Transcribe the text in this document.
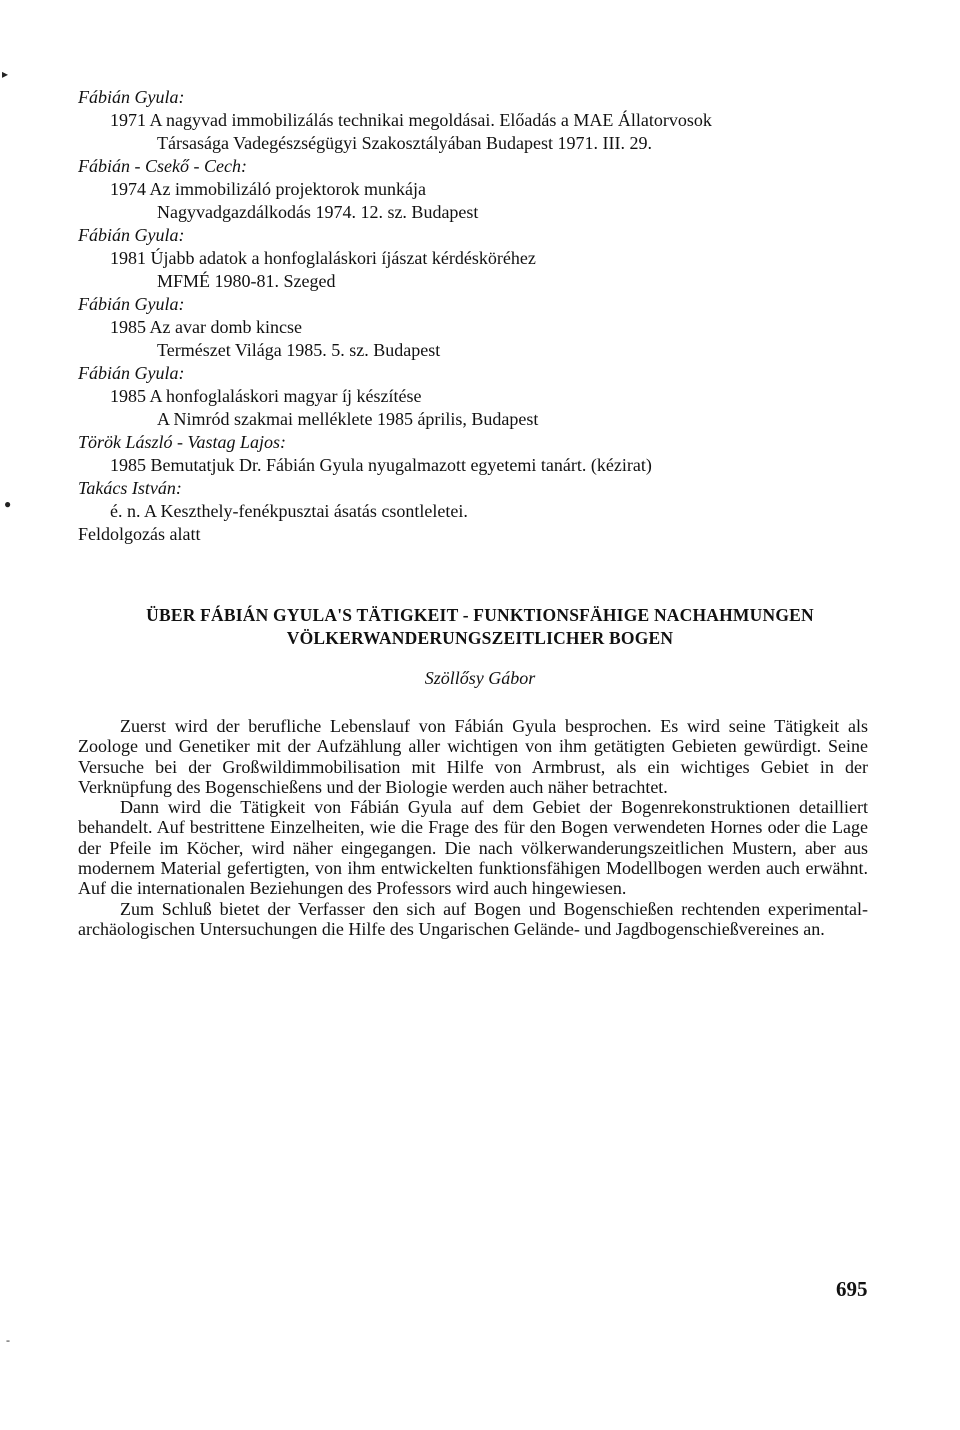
Fábián Gyula:
1971 A nagyvad immobilizálás technikai megoldásai. Előadás a MAE Állatorvosok
Társasága Vadegészségügyi Szakosztályában Budapest 1971. III. 29.
Fábián - Csekő - Cech:
1974 Az immobilizáló projektorok munkája
Nagyvadgazdálkodás 1974. 12. sz. Budapest
Fábián Gyula:
1981 Újabb adatok a honfoglaláskori íjászat kérdésköréhez
MFMÉ 1980-81. Szeged
Fábián Gyula:
1985 Az avar domb kincse
Természet Világa 1985. 5. sz. Budapest
Fábián Gyula:
1985 A honfoglaláskori magyar íj készítése
A Nimród szakmai melléklete 1985 április, Budapest
Török László - Vastag Lajos:
1985 Bemutatjuk Dr. Fábián Gyula nyugalmazott egyetemi tanárt. (kézirat)
Takács István:
é. n. A Keszthely-fenékpusztai ásatás csontleletei.
Feldolgozás alatt
ÜBER FÁBIÁN GYULA'S TÄTIGKEIT - FUNKTIONSFÄHIGE NACHAHMUNGEN
VÖLKERWANDERUNGSZEITLICHER BOGEN
Szöllősy Gábor

Zuerst wird der berufliche Lebenslauf von Fábián Gyula besprochen. Es wird seine Tätigkeit als Zoologe und Genetiker mit der Aufzählung aller wichtigen von ihm getätigten Gebieten gewürdigt. Seine Versuche bei der Großwildimmobilisation mit Hilfe von Armbrust, als ein wichtiges Gebiet in der Verknüpfung des Bogenschießens und der Biologie werden auch näher betrachtet.

Dann wird die Tätigkeit von Fábián Gyula auf dem Gebiet der Bogenrekonstruktionen detailliert behandelt. Auf bestrittene Einzelheiten, wie die Frage des für den Bogen verwendeten Hornes oder die Lage der Pfeile im Köcher, wird näher eingegangen. Die nach völkerwanderungszeitlichen Mustern, aber aus modernem Material gefertigten, von ihm entwickelten funktionsfähigen Modellbogen werden auch erwähnt. Auf die internationalen Beziehungen des Professors wird auch hingewiesen.

Zum Schluß bietet der Verfasser den sich auf Bogen und Bogenschießen rechtenden experimental-archäologischen Untersuchungen die Hilfe des Ungarischen Gelände- und Jagdbogenschießvereines an.

695
▸
●
-
